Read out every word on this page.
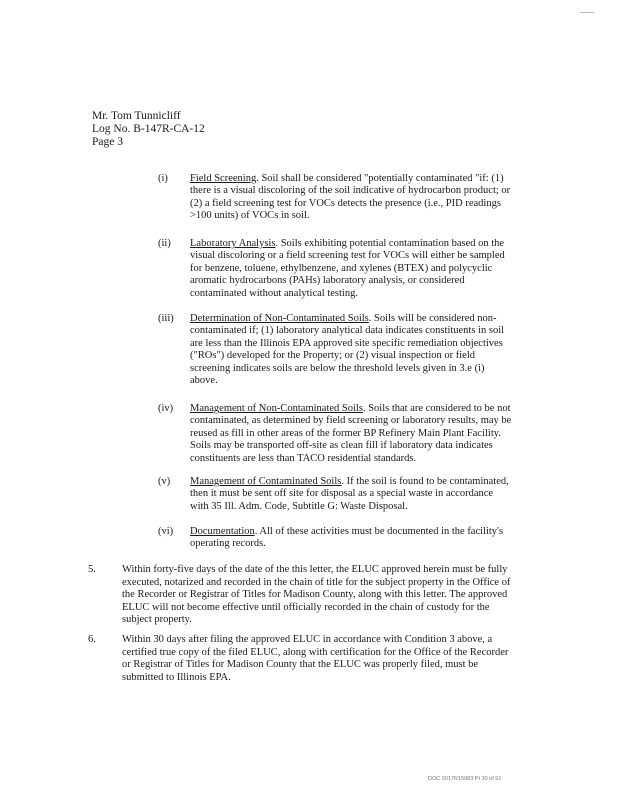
Mr. Tom Tunnicliff
Log No. B-147R-CA-12
Page 3
(i) Field Screening. Soil shall be considered "potentially contaminated "if: (1) there is a visual discoloring of the soil indicative of hydrocarbon product; or (2) a field screening test for VOCs detects the presence (i.e., PID readings >100 units) of VOCs in soil.
(ii) Laboratory Analysis. Soils exhibiting potential contamination based on the visual discoloring or a field screening test for VOCs will either be sampled for benzene, toluene, ethylbenzene, and xylenes (BTEX) and polycyclic aromatic hydrocarbons (PAHs) laboratory analysis, or considered contaminated without analytical testing.
(iii) Determination of Non-Contaminated Soils. Soils will be considered non-contaminated if; (1) laboratory analytical data indicates constituents in soil are less than the Illinois EPA approved site specific remediation objectives ("ROs") developed for the Property; or (2) visual inspection or field screening indicates soils are below the threshold levels given in 3.e (i) above.
(iv) Management of Non-Contaminated Soils. Soils that are considered to be not contaminated, as determined by field screening or laboratory results, may be reused as fill in other areas of the former BP Refinery Main Plant Facility. Soils may be transported off-site as clean fill if laboratory data indicates constituents are less than TACO residential standards.
(v) Management of Contaminated Soils. If the soil is found to be contaminated, then it must be sent off site for disposal as a special waste in accordance with 35 Ill. Adm. Code, Subtitle G: Waste Disposal.
(vi) Documentation. All of these activities must be documented in the facility's operating records.
5. Within forty-five days of the date of the this letter, the ELUC approved herein must be fully executed, notarized and recorded in the chain of title for the subject property in the Office of the Recorder or Registrar of Titles for Madison County, along with this letter. The approved ELUC will not become effective until officially recorded in the chain of custody for the subject property.
6. Within 30 days after filing the approved ELUC in accordance with Condition 3 above, a certified true copy of the filed ELUC, along with certification for the Office of the Recorder or Registrar of Titles for Madison County that the ELUC was properly filed, must be submitted to Illinois EPA.
DOC 2017R15983 Pt 30 of 51
